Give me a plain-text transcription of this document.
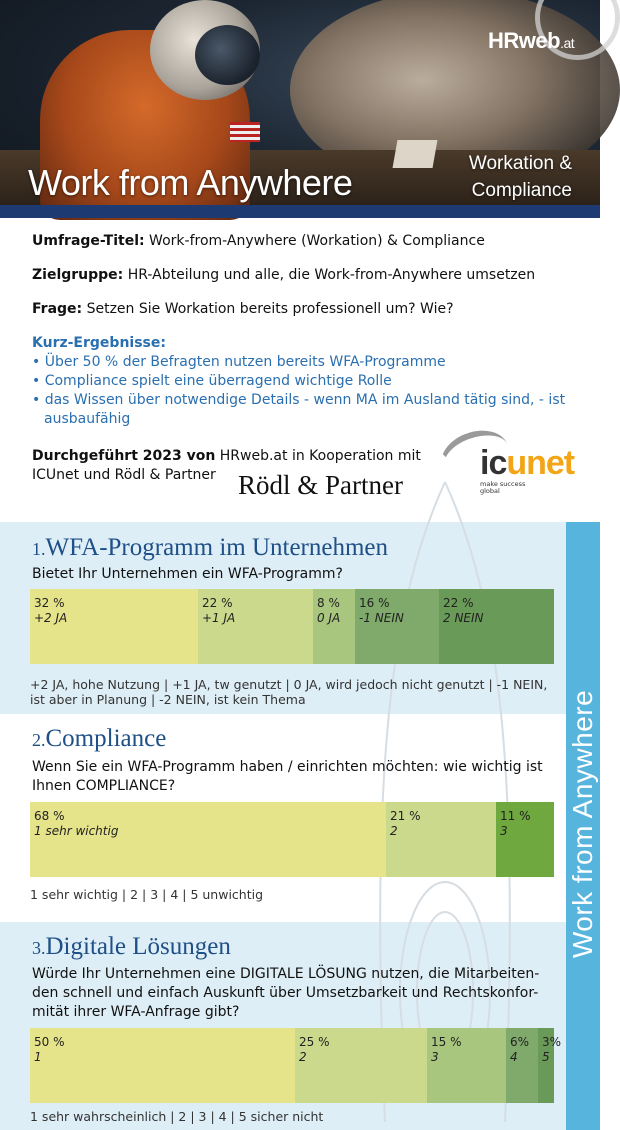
HRweb.at
Work from Anywhere	Workation &
Compliance

Umfrage-Titel: Work-from-Anywhere (Workation) & Compliance

Zielgruppe: HR-Abteilung und alle, die Work-from-Anywhere umsetzen

Frage: Setzen Sie Workation bereits professionell um? Wie?

Kurz-Ergebnisse:
• Über 50 % der Befragten nutzen bereits WFA-Programme
• Compliance spielt eine überragend wichtige Rolle
• das Wissen über notwendige Details - wenn MA im Ausland tätig sind, - ist ausbaufähig
Durchgeführt 2023 von HRweb.at in Kooperation mit ICUnet und Rödl & Partner Rödl & Partner
icunet
make success global
Work from Anywhere
1.WFA-Programm im Unternehmen
Bietet Ihr Unternehmen ein WFA-Programm?
32 %
+2 JA
22 %
+1 JA
8 %
0 JA
16 %
-1 NEIN
22 %
2 NEIN
+2 JA, hohe Nutzung | +1 JA, tw genutzt | 0 JA, wird jedoch nicht genutzt | -1 NEIN, ist aber in Planung | -2 NEIN, ist kein Thema
2.Compliance
Wenn Sie ein WFA-Programm haben / einrichten möchten: wie wichtig ist Ihnen COMPLIANCE?
68 %
1 sehr wichtig
21 %
2
11 %
3
1 sehr wichtig | 2 | 3 | 4 | 5 unwichtig
3.Digitale Lösungen
Würde Ihr Unternehmen eine DIGITALE LÖSUNG nutzen, die Mitarbeiten-den schnell und einfach Auskunft über Umsetzbarkeit und Rechtskonfor-mität ihrer WFA-Anfrage gibt?
50 %
1
25 %
2
15 %
3
6%
4
3%
5
1 sehr wahrscheinlich | 2 | 3 | 4 | 5 sicher nicht
